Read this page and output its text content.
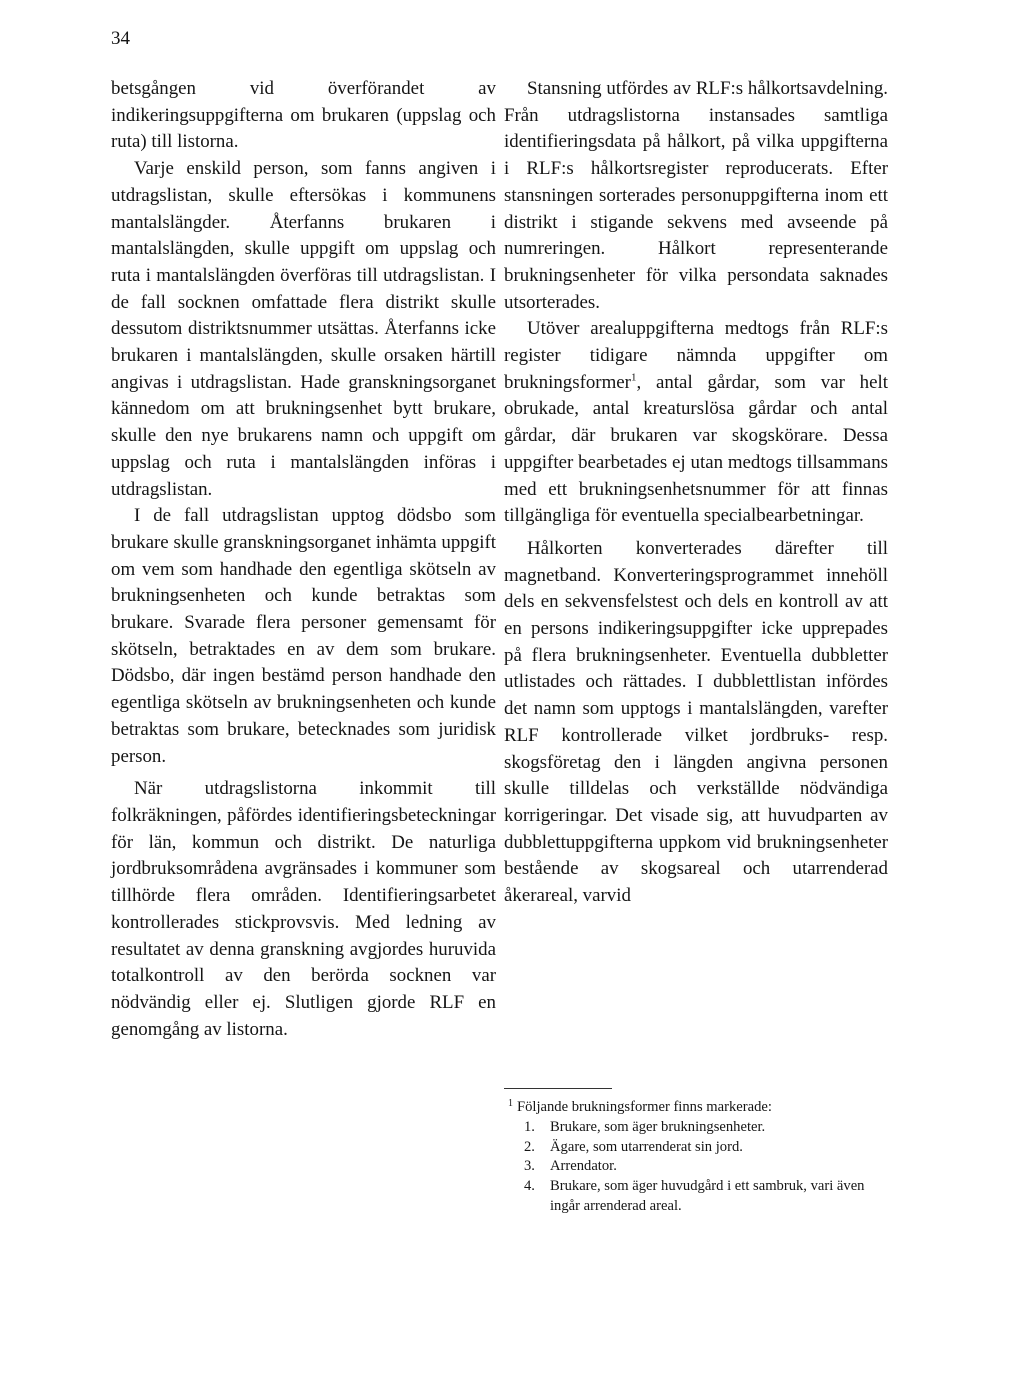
34

betsgången vid överförandet av indikeringsuppgifterna om brukaren (uppslag och ruta) till listorna.

Varje enskild person, som fanns angiven i utdragslistan, skulle eftersökas i kommunens mantalslängder. Återfanns brukaren i mantalslängden, skulle uppgift om uppslag och ruta i mantalslängden överföras till utdragslistan. I de fall socknen omfattade flera distrikt skulle dessutom distriktsnummer utsättas. Återfanns icke brukaren i mantalslängden, skulle orsaken härtill angivas i utdragslistan. Hade granskningsorganet kännedom om att brukningsenhet bytt brukare, skulle den nye brukarens namn och uppgift om uppslag och ruta i mantalslängden införas i utdragslistan.

I de fall utdragslistan upptog dödsbo som brukare skulle granskningsorganet inhämta uppgift om vem som handhade den egentliga skötseln av brukningsenheten och kunde betraktas som brukare. Svarade flera personer gemensamt för skötseln, betraktades en av dem som brukare. Dödsbo, där ingen bestämd person handhade den egentliga skötseln av brukningsenheten och kunde betraktas som brukare, betecknades som juridisk person.

När utdragslistorna inkommit till folkräkningen, påfördes identifieringsbeteckningar för län, kommun och distrikt. De naturliga jordbruksområdena avgränsades i kommuner som tillhörde flera områden. Identifieringsarbetet kontrollerades stickprovsvis. Med ledning av resultatet av denna granskning avgjordes huruvida totalkontroll av den berörda socknen var nödvändig eller ej. Slutligen gjorde RLF en genomgång av listorna.

Stansning utfördes av RLF:s hålkortsavdelning. Från utdragslistorna instansades samtliga identifieringsdata på hålkort, på vilka uppgifterna i RLF:s hålkortsregister reproducerats. Efter stansningen sorterades personuppgifterna inom ett distrikt i stigande sekvens med avseende på numreringen. Hålkort representerande brukningsenheter för vilka persondata saknades utsorterades.

Utöver arealuppgifterna medtogs från RLF:s register tidigare nämnda uppgifter om brukningsformer$^1$, antal gårdar, som var helt obrukade, antal kreaturslösa gårdar och antal gårdar, där brukaren var skogskörare. Dessa uppgifter bearbetades ej utan medtogs tillsammans med ett brukningsenhetsnummer för att finnas tillgängliga för eventuella specialbearbetningar.

Hålkorten konverterades därefter till magnetband. Konverteringsprogrammet innehöll dels en sekvensfelstest och dels en kontroll av att en persons indikeringsuppgifter icke upprepades på flera brukningsenheter. Eventuella dubbletter utlistades och rättades. I dubblettlistan infördes det namn som upptogs i mantalslängden, varefter RLF kontrollerade vilket jordbruks- resp. skogsföretag den i längden angivna personen skulle tilldelas och verkställde nödvändiga korrigeringar. Det visade sig, att huvudparten av dubblettuppgifterna uppkom vid brukningsenheter bestående av skogsareal och utarrenderad åkerareal, varvid

1 Följande brukningsformer finns markerade:
1. Brukare, som äger brukningsenheter.
2. Ägare, som utarrenderat sin jord.
3. Arrendator.
4. Brukare, som äger huvudgård i ett sambruk, vari även ingår arrenderad areal.
